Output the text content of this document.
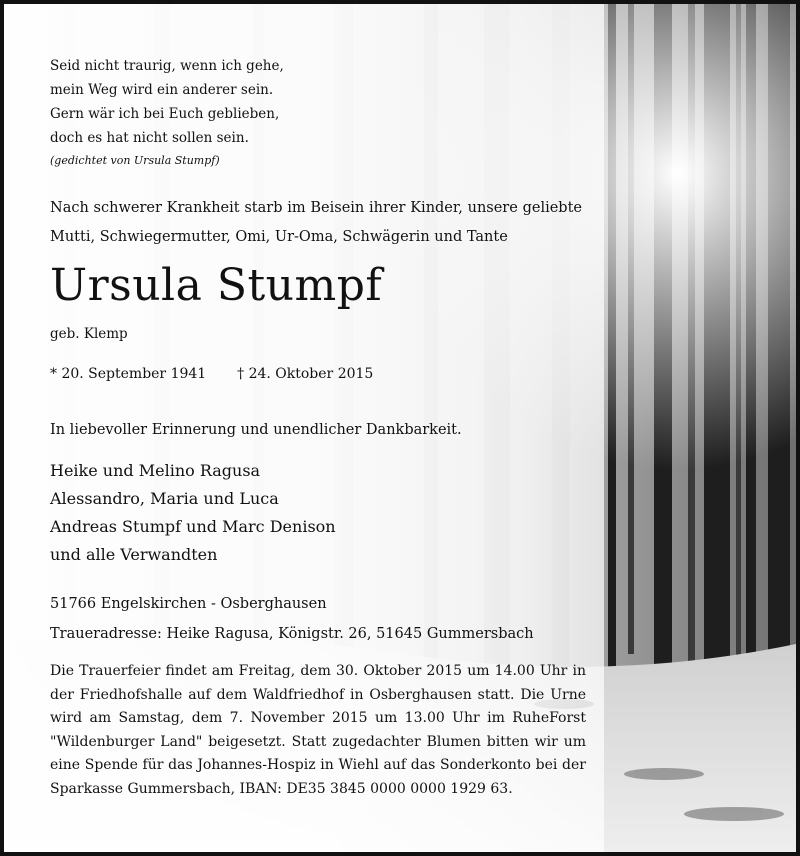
Seid nicht traurig, wenn ich gehe,
mein Weg wird ein anderer sein.
Gern wär ich bei Euch geblieben,
doch es hat nicht sollen sein.
(gedichtet von Ursula Stumpf)
Nach schwerer Krankheit starb im Beisein ihrer Kinder, unsere geliebte Mutti, Schwiegermutter, Omi, Ur-Oma, Schwägerin und Tante
Ursula Stumpf
geb. Klemp
* 20. September 1941 † 24. Oktober 2015
In liebevoller Erinnerung und unendlicher Dankbarkeit.
Heike und Melino Ragusa
Alessandro, Maria und Luca
Andreas Stumpf und Marc Denison
und alle Verwandten
51766 Engelskirchen - Osberghausen
Traueradresse: Heike Ragusa, Königstr. 26, 51645 Gummersbach
Die Trauerfeier findet am Freitag, dem 30. Oktober 2015 um 14.00 Uhr in der Friedhofshalle auf dem Waldfriedhof in Osberghausen statt. Die Urne wird am Samstag, dem 7. November 2015 um 13.00 Uhr im RuheForst "Wildenburger Land" beigesetzt. Statt zugedachter Blumen bitten wir um eine Spende für das Johannes-Hospiz in Wiehl auf das Sonderkonto bei der Sparkasse Gummersbach, IBAN: DE35 3845 0000 0000 1929 63.
